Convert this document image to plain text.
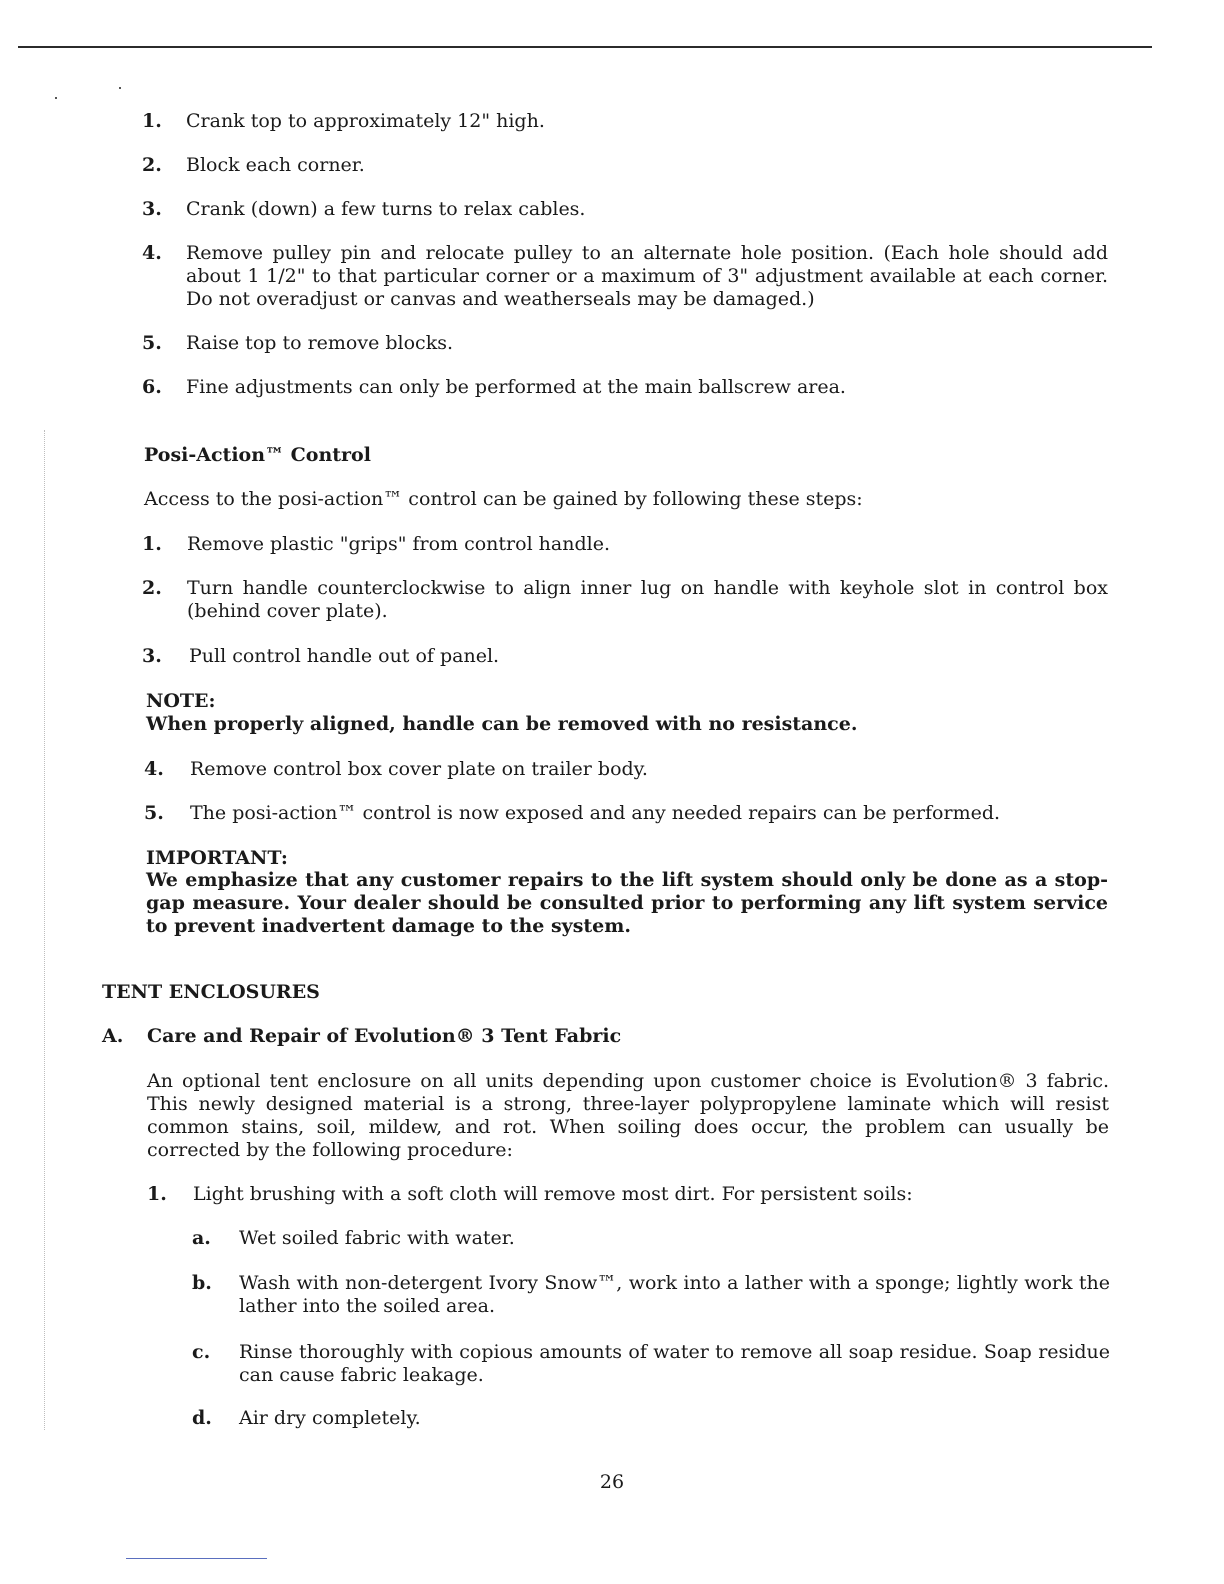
1.	Crank top to approximately 12" high.
2.	Block each corner.
3.	Crank (down) a few turns to relax cables.
4.	Remove pulley pin and relocate pulley to an alternate hole position. (Each hole should add about 1 1/2" to that particular corner or a maximum of 3" adjustment available at each corner. Do not overadjust or canvas and weatherseals may be damaged.)
5.	Raise top to remove blocks.
6.	Fine adjustments can only be performed at the main ballscrew area.
Posi-Action™ Control
Access to the posi-action™ control can be gained by following these steps:
1.	Remove plastic "grips" from control handle.
2.	Turn handle counterclockwise to align inner lug on handle with keyhole slot in control box (behind cover plate).
3.	Pull control handle out of panel.
NOTE:
When properly aligned, handle can be removed with no resistance.
4.	Remove control box cover plate on trailer body.
5.	The posi-action™ control is now exposed and any needed repairs can be performed.
IMPORTANT:
We emphasize that any customer repairs to the lift system should only be done as a stop-gap measure. Your dealer should be consulted prior to performing any lift system service to prevent inadvertent damage to the system.
TENT ENCLOSURES
A.	Care and Repair of Evolution® 3 Tent Fabric
An optional tent enclosure on all units depending upon customer choice is Evolution® 3 fabric. This newly designed material is a strong, three-layer polypropylene laminate which will resist common stains, soil, mildew, and rot. When soiling does occur, the problem can usually be corrected by the following procedure:
1.	Light brushing with a soft cloth will remove most dirt. For persistent soils:
a.	Wet soiled fabric with water.
b.	Wash with non-detergent Ivory Snow™, work into a lather with a sponge; lightly work the lather into the soiled area.
c.	Rinse thoroughly with copious amounts of water to remove all soap residue. Soap residue can cause fabric leakage.
d.	Air dry completely.
26
